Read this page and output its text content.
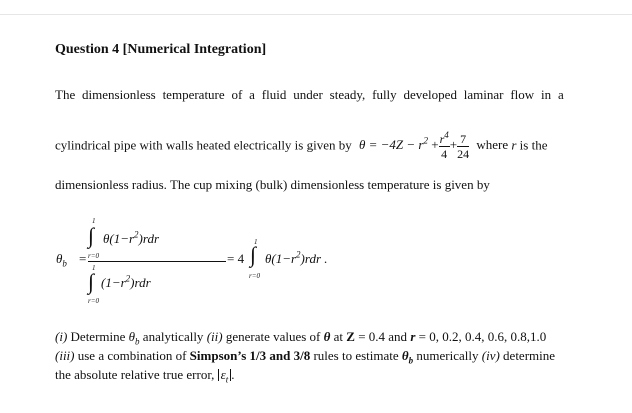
Question 4 [Numerical Integration]
The dimensionless temperature of a fluid under steady, fully developed laminar flow in a
cylindrical pipe with walls heated electrically is given by $\theta = -4Z - r^2 + \frac{r^4}{4} + \frac{7}{24}$ where r is the
dimensionless radius. The cup mixing (bulk) dimensionless temperature is given by
$\theta_b$ =
1
∫
r=0
$\theta(1-r^2)rdr$
1
∫
r=0
$(1-r^2)rdr$
= 4
1
∫
r=0
$\theta(1-r^2)rdr$ .
(i) Determine $\theta_b$ analytically (ii) generate values of θ at Z = 0.4 and r = 0, 0.2, 0.4, 0.6, 0.8,1.0
(iii) use a combination of Simpson’s 1/3 and 3/8 rules to estimate $\theta_b$ numerically (iv) determine
the absolute relative true error, $\varepsilon_t$ .
